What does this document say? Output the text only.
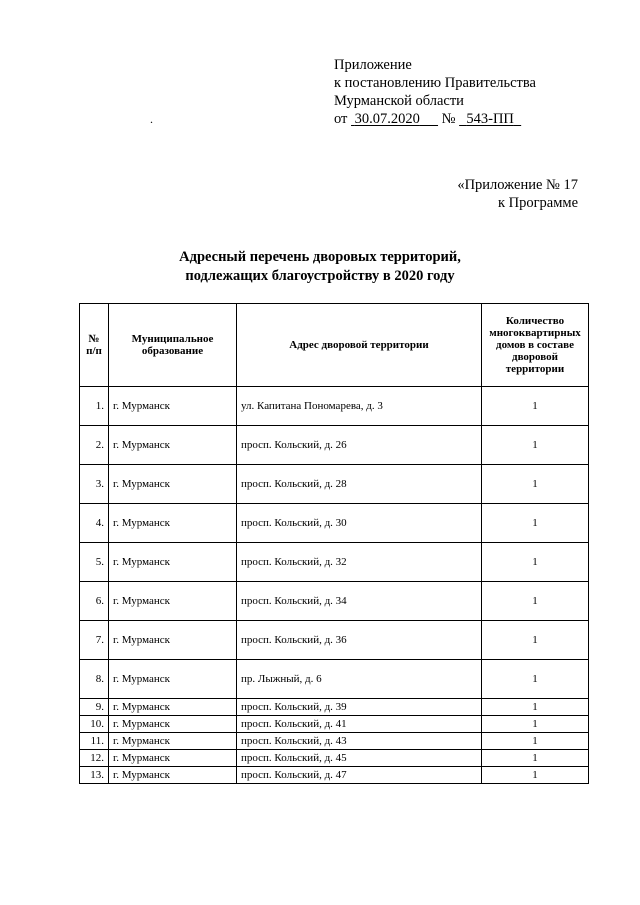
Приложение
к постановлению Правительства
Мурманской области
от 30.07.2020 № 543-ПП
.
«Приложение № 17
к Программе
Адресный перечень дворовых территорий,
подлежащих благоустройству в 2020 году
№ п/п	Муниципальное образование	Адрес дворовой территории	Количество многоквартирных домов в составе дворовой территории
1.	г. Мурманск	ул. Капитана Пономарева, д. 3	1
2.	г. Мурманск	просп. Кольский, д. 26	1
3.	г. Мурманск	просп. Кольский, д. 28	1
4.	г. Мурманск	просп. Кольский, д. 30	1
5.	г. Мурманск	просп. Кольский, д. 32	1
6.	г. Мурманск	просп. Кольский, д. 34	1
7.	г. Мурманск	просп. Кольский, д. 36	1
8.	г. Мурманск	пр. Лыжный, д. 6	1
9.	г. Мурманск	просп. Кольский, д. 39	1
10.	г. Мурманск	просп. Кольский, д. 41	1
11.	г. Мурманск	просп. Кольский, д. 43	1
12.	г. Мурманск	просп. Кольский, д. 45	1
13.	г. Мурманск	просп. Кольский, д. 47	1
